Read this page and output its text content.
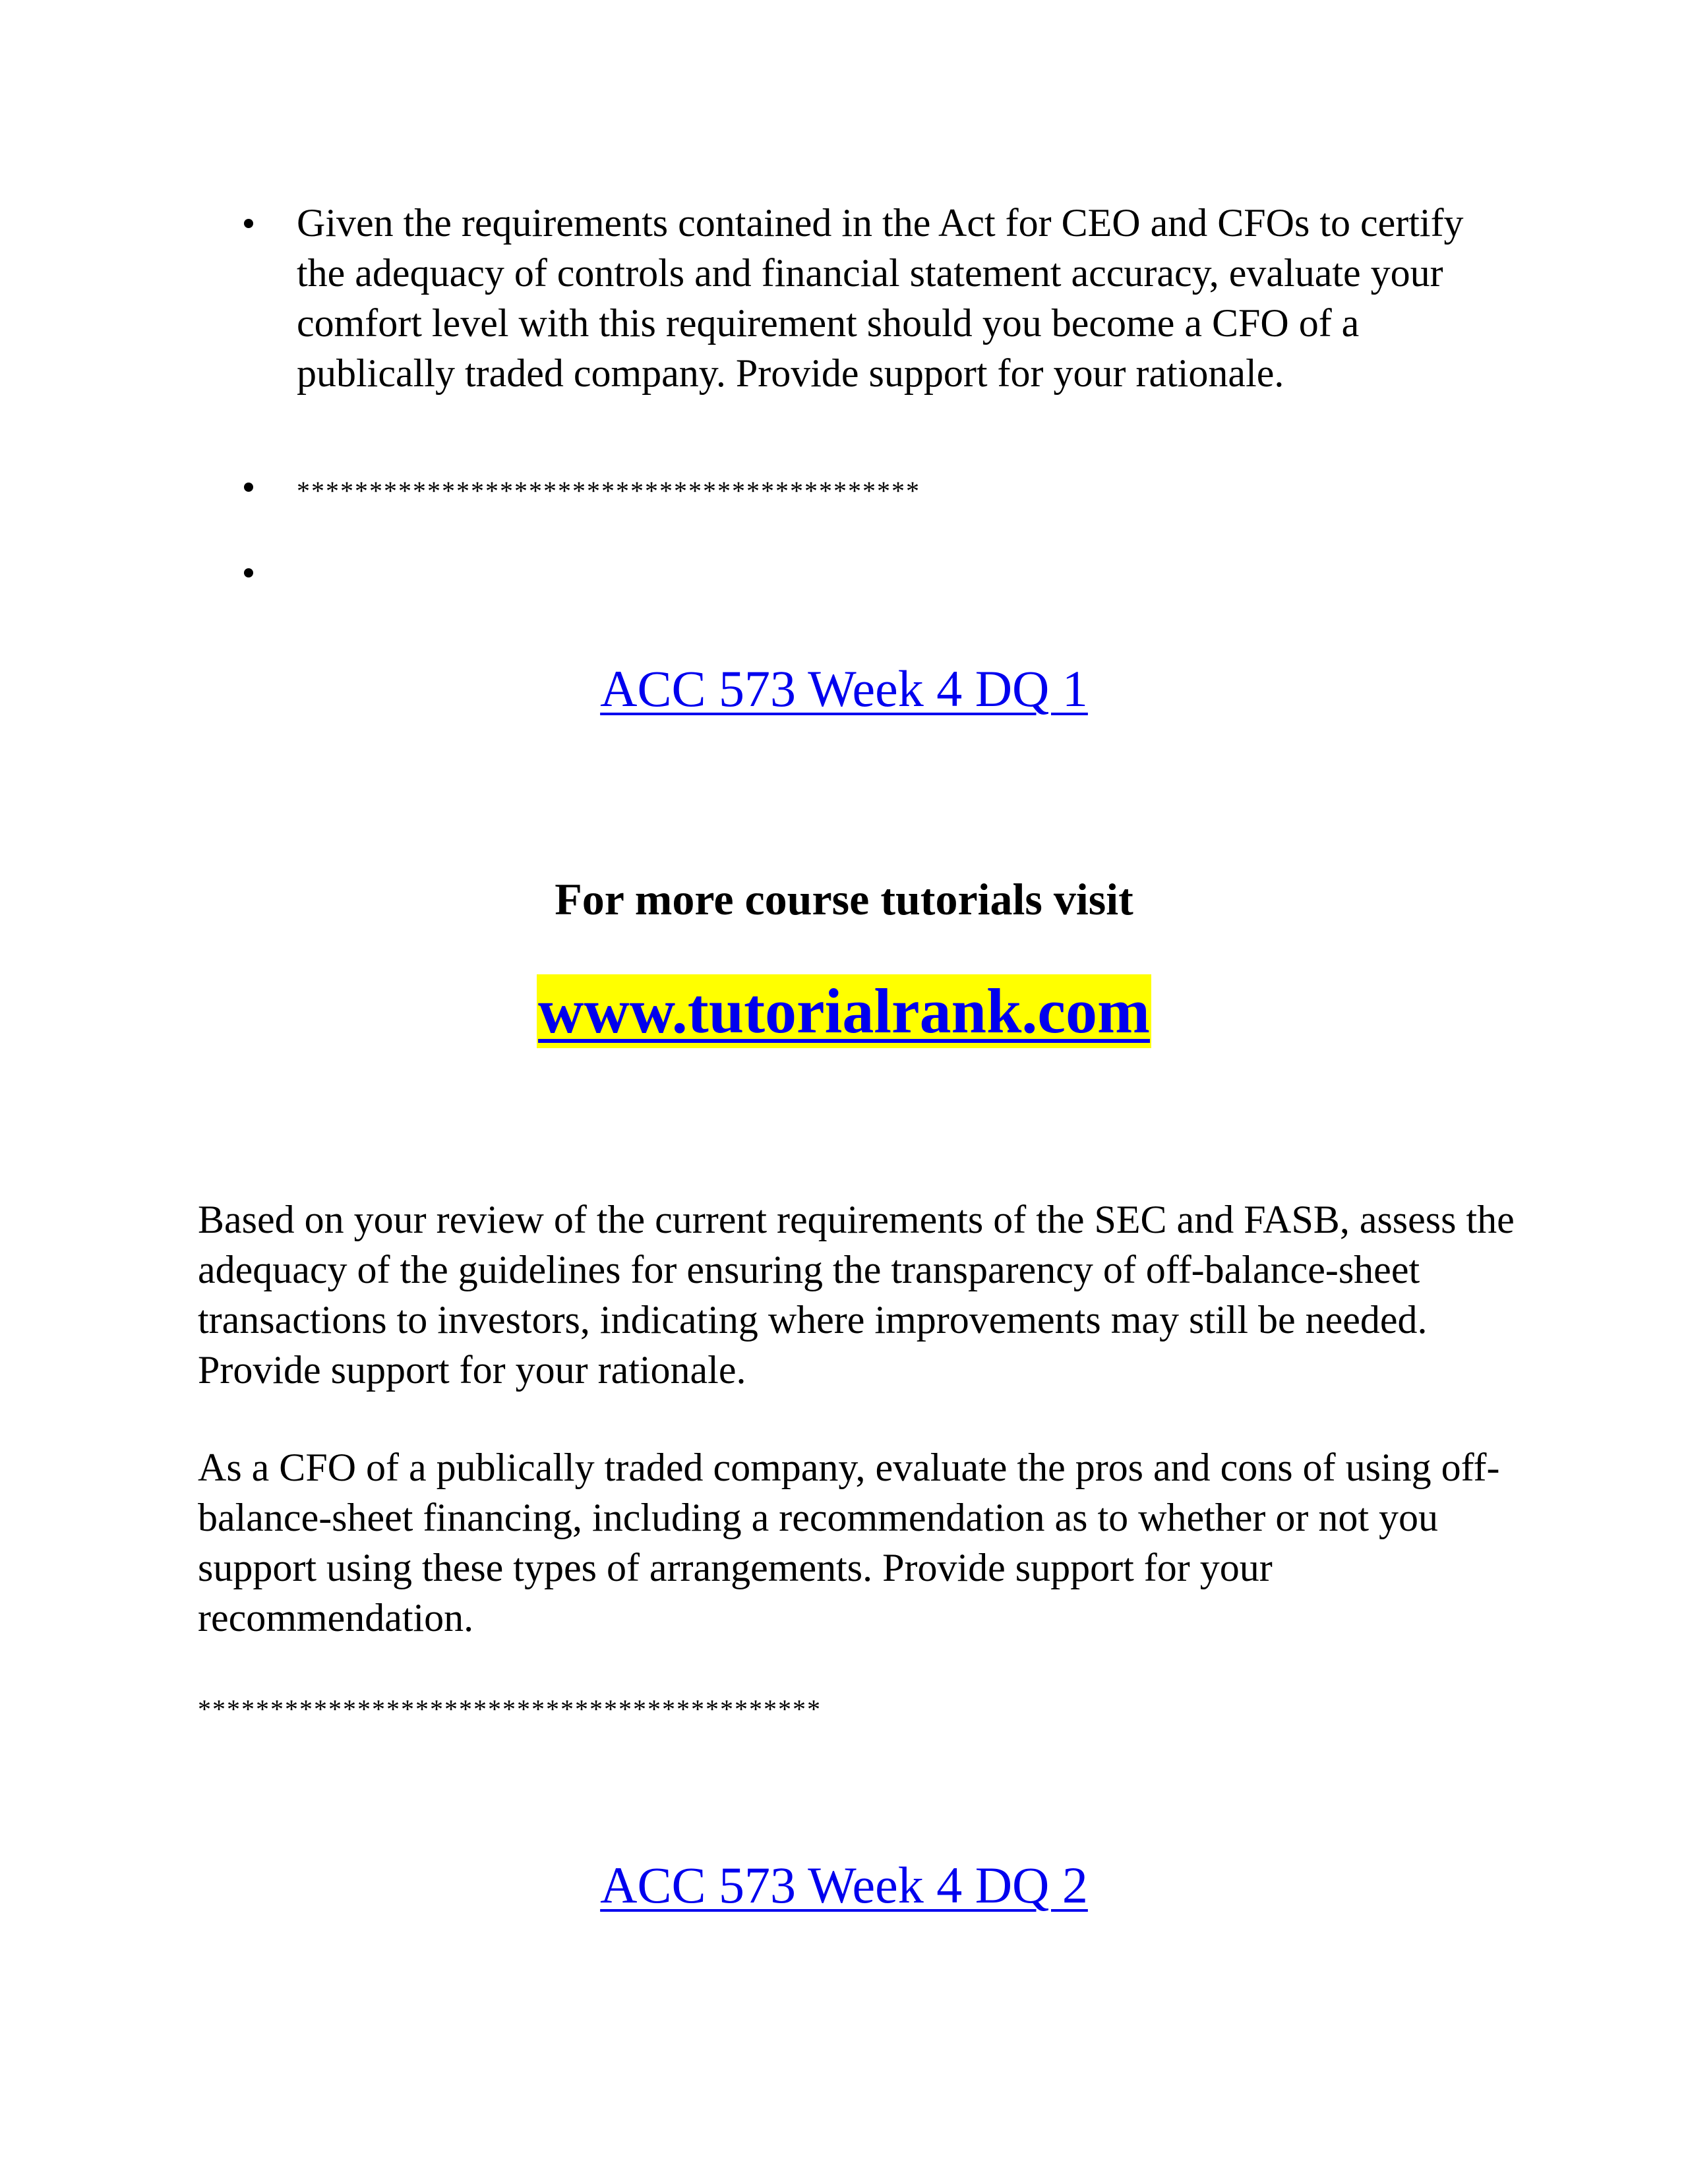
Given the requirements contained in the Act for CEO and CFOs to certify the adequacy of controls and financial statement accuracy, evaluate your comfort level with this requirement should you become a CFO of a publically traded company. Provide support for your rationale.
*******************************************
ACC 573 Week 4 DQ 1
For more course tutorials visit
www.tutorialrank.com

Based on your review of the current requirements of the SEC and FASB, assess the adequacy of the guidelines for ensuring the transparency of off-balance-sheet transactions to investors, indicating where improvements may still be needed. Provide support for your rationale.

As a CFO of a publically traded company, evaluate the pros and cons of using off-balance-sheet financing, including a recommendation as to whether or not you support using these types of arrangements. Provide support for your recommendation.

*******************************************
ACC 573 Week 4 DQ 2
